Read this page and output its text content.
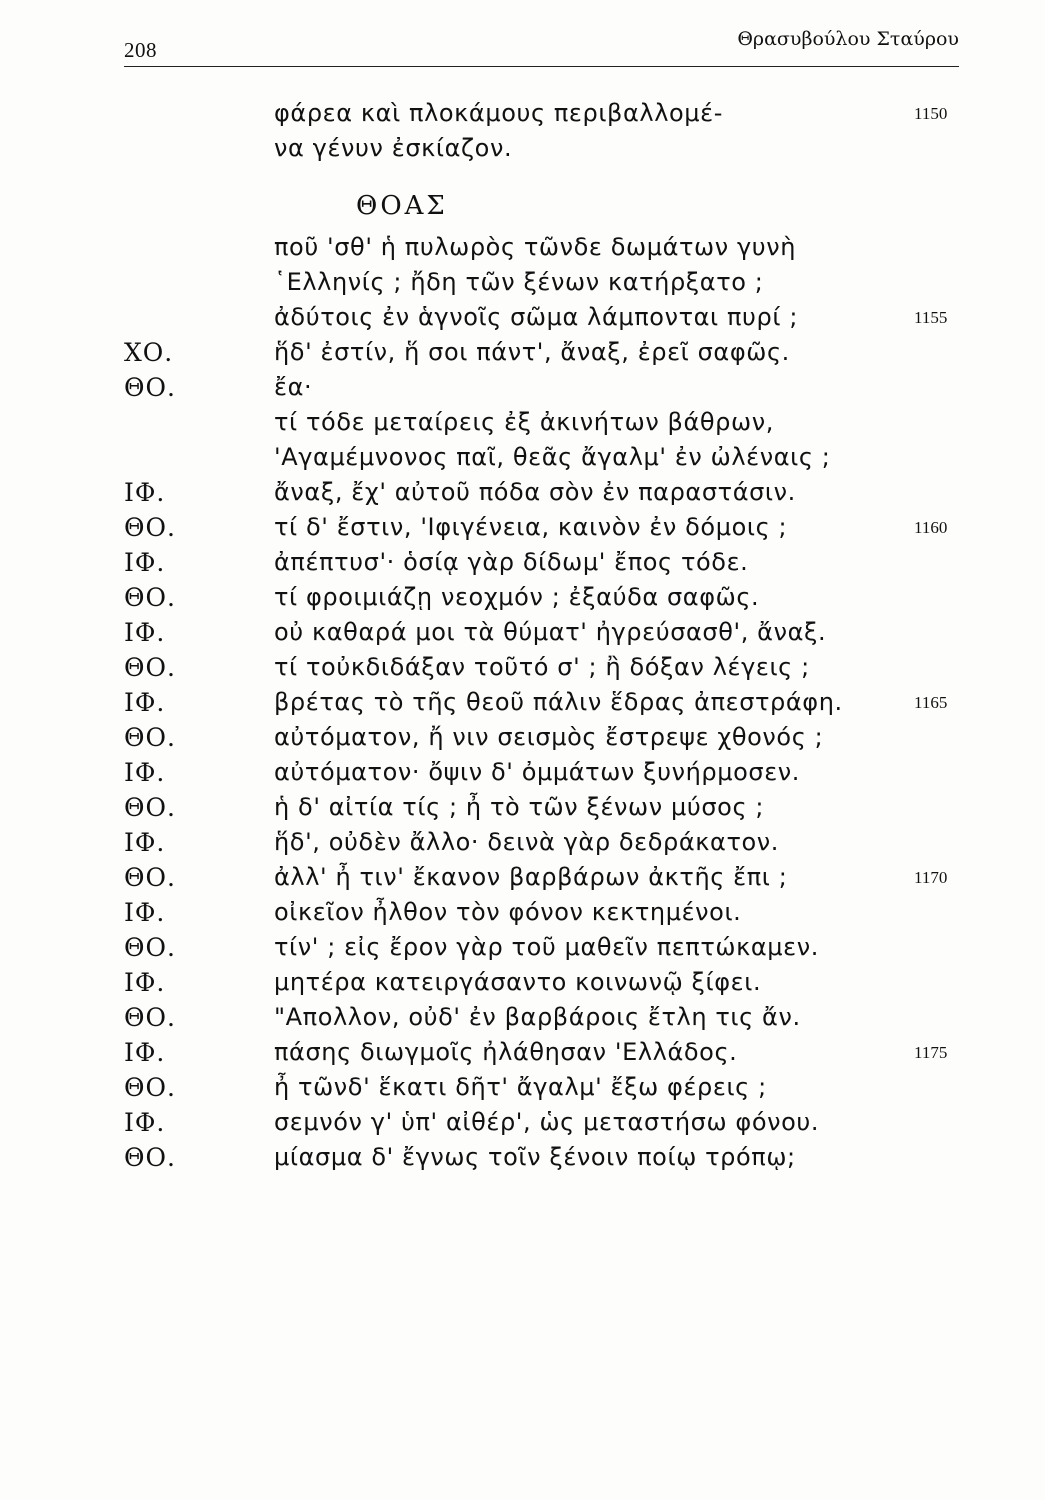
208	Θρασυβούλου Σταύρου
φάρεα καὶ πλοκάμους περιβαλλομέ-	1150
να γένυν ἐσκίαζον.
ΘΟΑΣ
ποῦ 'σθ' ἡ πυλωρὸς τῶνδε δωμάτων γυνὴ
῾Ελληνίς ; ἤδη τῶν ξένων κατήρξατο ;
ἀδύτοις ἐν ἁγνοῖς σῶμα λάμπονται πυρί ;	1155
ΧΟ.	ἥδ' ἐστίν, ἥ σοι πάντ', ἄναξ, ἐρεῖ σαφῶς.
ΘΟ.	ἔα·
τί τόδε μεταίρεις ἐξ ἀκινήτων βάθρων,
'Αγαμέμνονος παῖ, θεᾶς ἄγαλμ' ἐν ὠλέναις ;
ΙΦ.	ἄναξ, ἔχ' αὐτοῦ πόδα σὸν ἐν παραστάσιν.
ΘΟ.	τί δ' ἔστιν, 'Ιφιγένεια, καινὸν ἐν δόμοις ;	1160
ΙΦ.	ἀπέπτυσ'· ὁσίᾳ γὰρ δίδωμ' ἔπος τόδε.
ΘΟ.	τί φροιμιάζῃ νεοχμόν ; ἐξαύδα σαφῶς.
ΙΦ.	οὐ καθαρά μοι τὰ θύματ' ἠγρεύσασθ', ἄναξ.
ΘΟ.	τί τοὐκδιδάξαν τοῦτό σ' ; ἢ δόξαν λέγεις ;
ΙΦ.	βρέτας τὸ τῆς θεοῦ πάλιν ἕδρας ἀπεστράφη.	1165
ΘΟ.	αὐτόματον, ἤ νιν σεισμὸς ἔστρεψε χθονός ;
ΙΦ.	αὐτόματον· ὄψιν δ' ὀμμάτων ξυνήρμοσεν.
ΘΟ.	ἡ δ' αἰτία τίς ; ἦ τὸ τῶν ξένων μύσος ;
ΙΦ.	ἥδ', οὐδὲν ἄλλο· δεινὰ γὰρ δεδράκατον.
ΘΟ.	ἀλλ' ἦ τιν' ἔκανον βαρβάρων ἀκτῆς ἔπι ;	1170
ΙΦ.	οἰκεῖον ἦλθον τὸν φόνον κεκτημένοι.
ΘΟ.	τίν' ; εἰς ἔρον γὰρ τοῦ μαθεῖν πεπτώκαμεν.
ΙΦ.	μητέρα κατειργάσαντο κοινωνῷ ξίφει.
ΘΟ.	"Απολλον, οὐδ' ἐν βαρβάροις ἔτλη τις ἄν.
ΙΦ.	πάσης διωγμοῖς ἠλάθησαν 'Ελλάδος.	1175
ΘΟ.	ἦ τῶνδ' ἕκατι δῆτ' ἄγαλμ' ἔξω φέρεις ;
ΙΦ.	σεμνόν γ' ὑπ' αἰθέρ', ὡς μεταστήσω φόνου.
ΘΟ.	μίασμα δ' ἔγνως τοῖν ξένοιν ποίῳ τρόπῳ;
